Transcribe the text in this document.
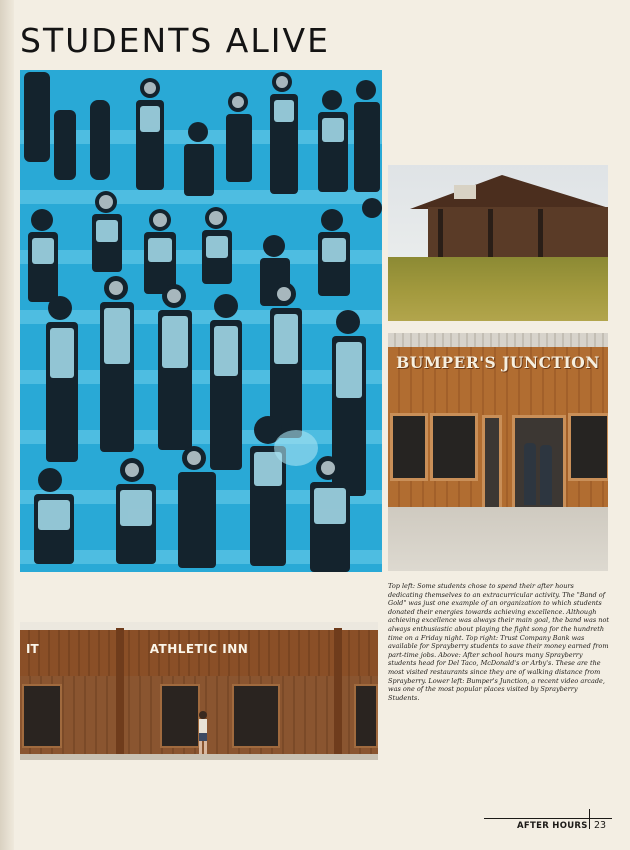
STUDENTS ALIVE
BUMPER'S JUNCTION
IT	ATHLETIC INN

Top left: Some students chose to spend their after hours dedicating themselves to an extracurricular activity. The "Band of Gold" was just one example of an organization to which students donated their energies towards achieving excellence. Although achieving excellence was always their main goal, the band was not always enthusiastic about playing the fight song for the hundreth time on a Friday night. Top right: Trust Company Bank was available for Sprayberry students to save their money earned from part-time jobs. Above: After school hours many Sprayberry students head for Del Taco, McDonald's or Arby's. These are the most visited restaurants since they are of walking distance from Sprayberry. Lower left: Bumper's Junction, a recent video arcade, was one of the most popular places visited by Sprayberry Students.

AFTER HOURS 23
